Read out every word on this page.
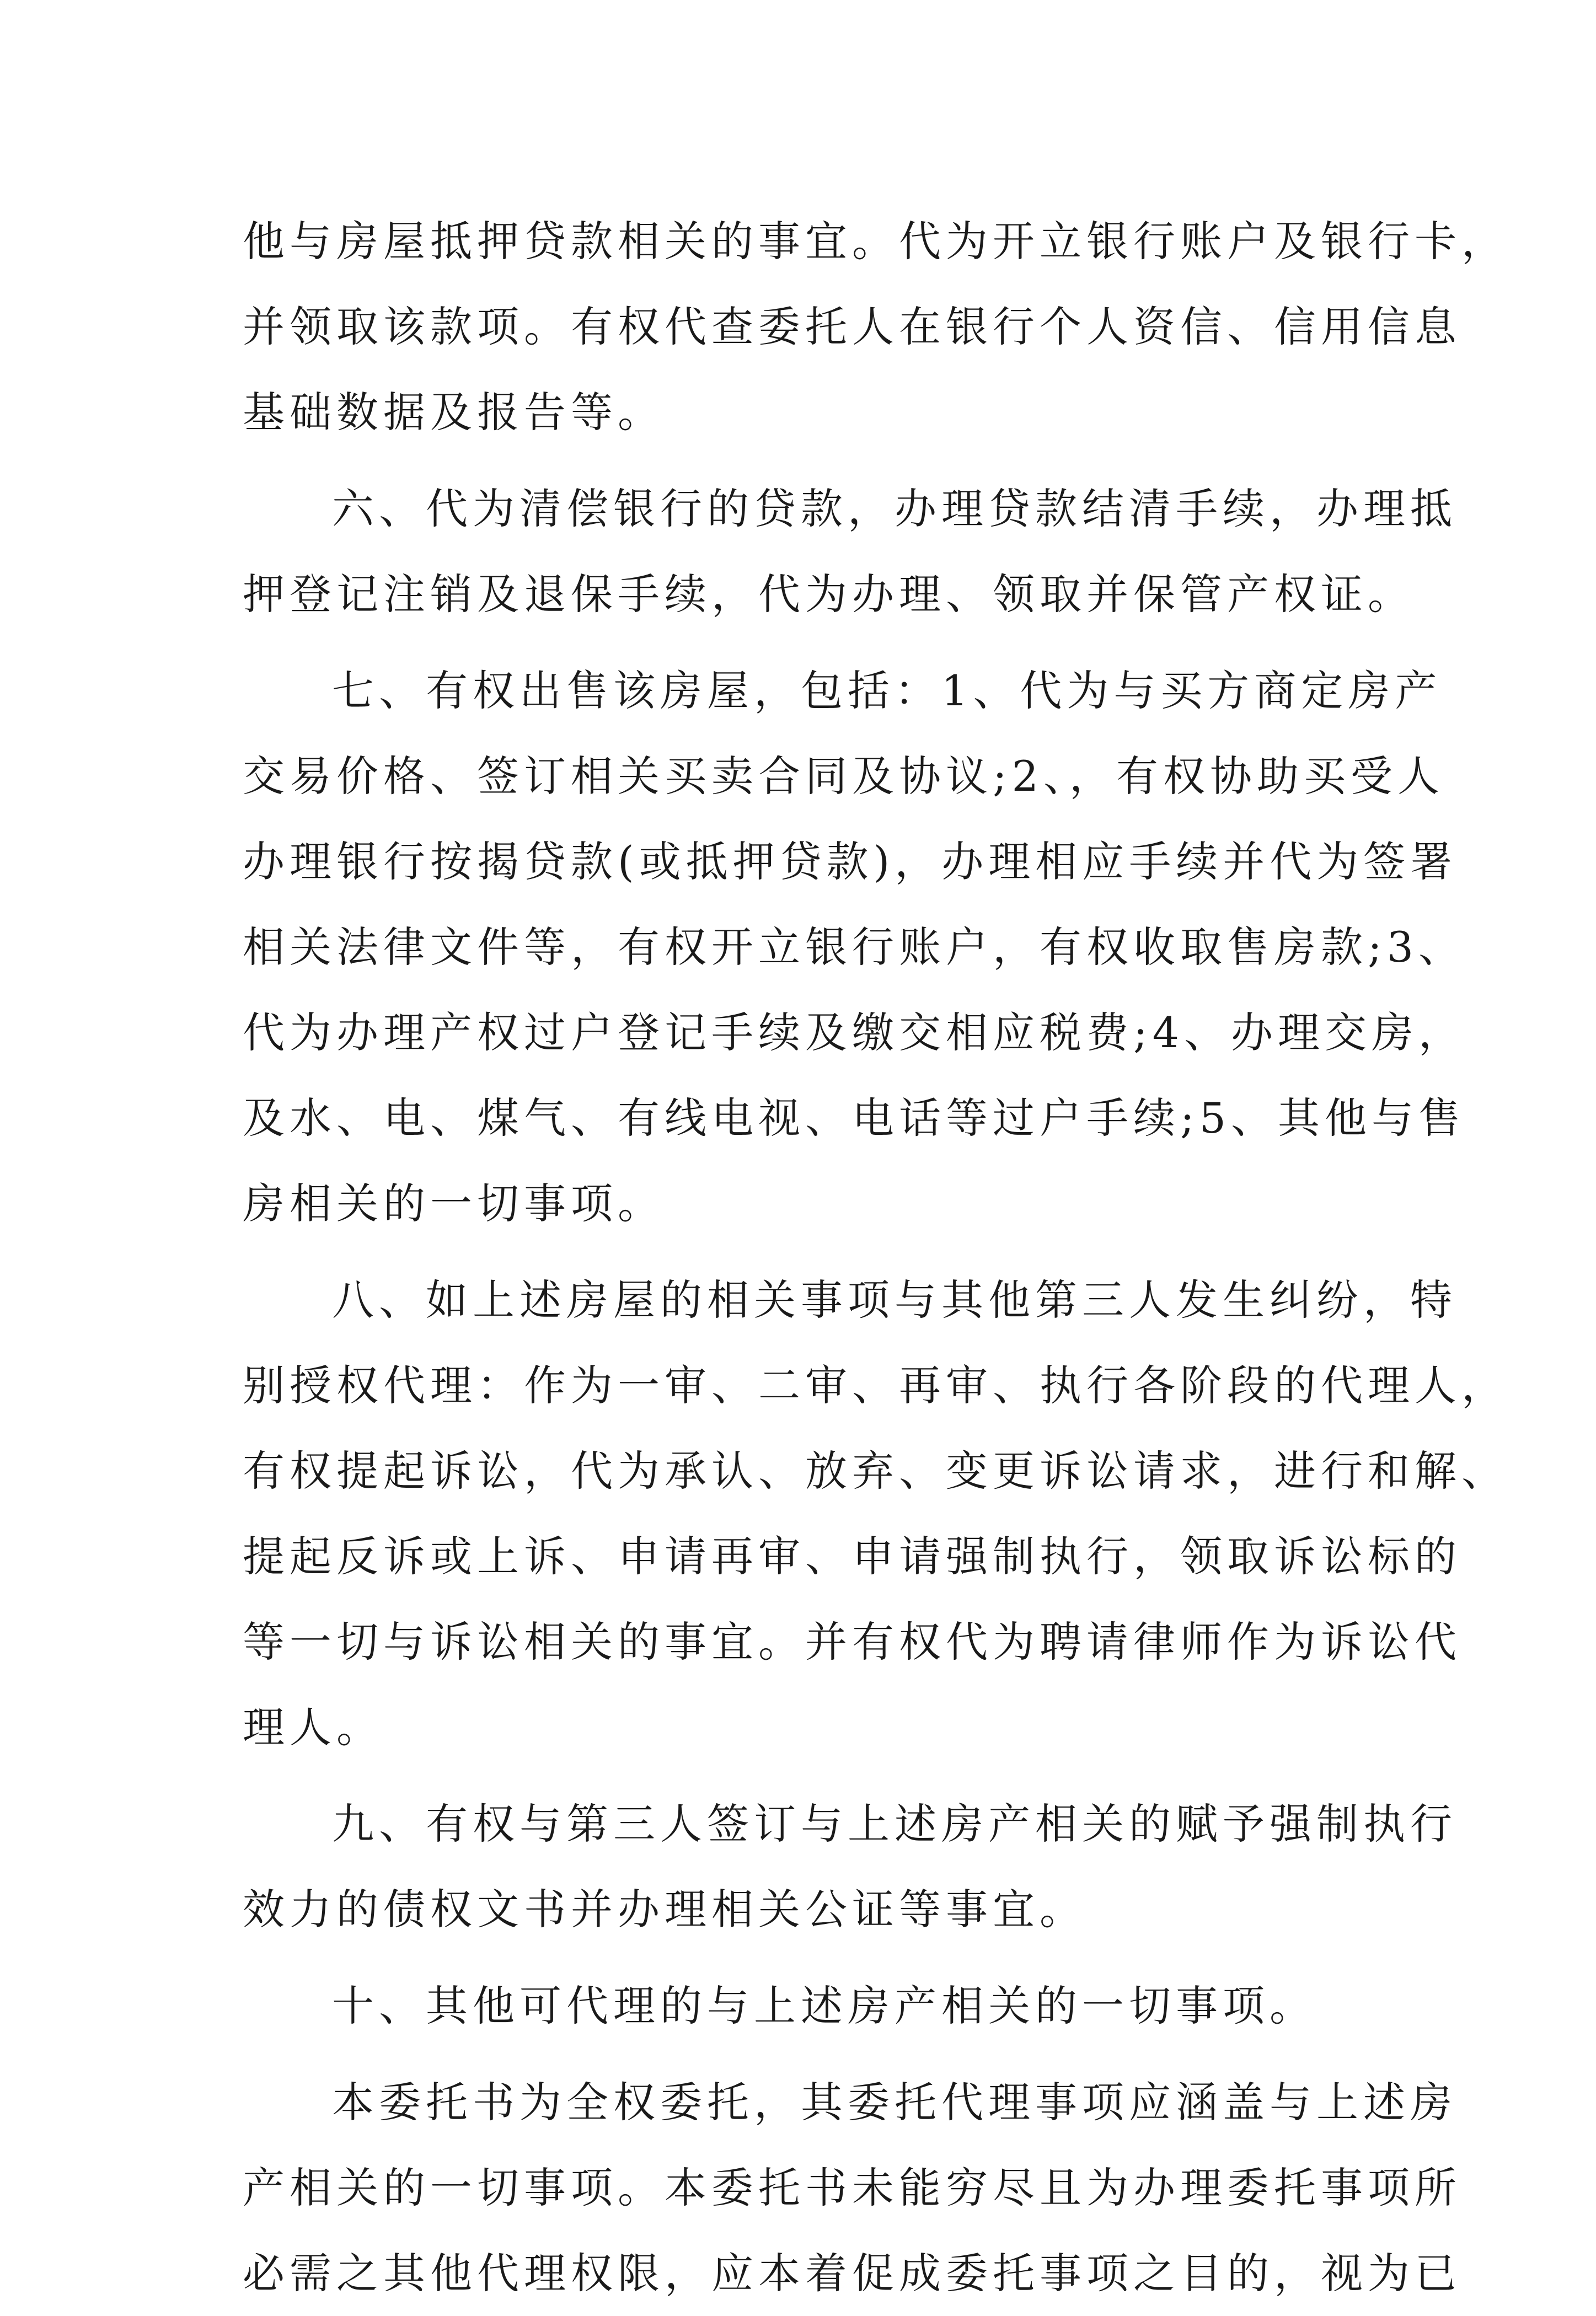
他与房屋抵押贷款相关的事宜。代为开立银行账户及银行卡，
并领取该款项。有权代查委托人在银行个人资信、信用信息
基础数据及报告等。
六、代为清偿银行的贷款，办理贷款结清手续，办理抵
押登记注销及退保手续，代为办理、领取并保管产权证。
七、有权出售该房屋，包括：1、代为与买方商定房产
交易价格、签订相关买卖合同及协议;2、，有权协助买受人
办理银行按揭贷款(或抵押贷款)，办理相应手续并代为签署
相关法律文件等，有权开立银行账户，有权收取售房款;3、
代为办理产权过户登记手续及缴交相应税费;4、办理交房，
及水、电、煤气、有线电视、电话等过户手续;5、其他与售
房相关的一切事项。
八、如上述房屋的相关事项与其他第三人发生纠纷，特
别授权代理：作为一审、二审、再审、执行各阶段的代理人，
有权提起诉讼，代为承认、放弃、变更诉讼请求，进行和解、
提起反诉或上诉、申请再审、申请强制执行，领取诉讼标的
等一切与诉讼相关的事宜。并有权代为聘请律师作为诉讼代
理人。
九、有权与第三人签订与上述房产相关的赋予强制执行
效力的债权文书并办理相关公证等事宜。
十、其他可代理的与上述房产相关的一切事项。
本委托书为全权委托，其委托代理事项应涵盖与上述房
产相关的一切事项。本委托书未能穷尽且为办理委托事项所
必需之其他代理权限，应本着促成委托事项之目的，视为已
